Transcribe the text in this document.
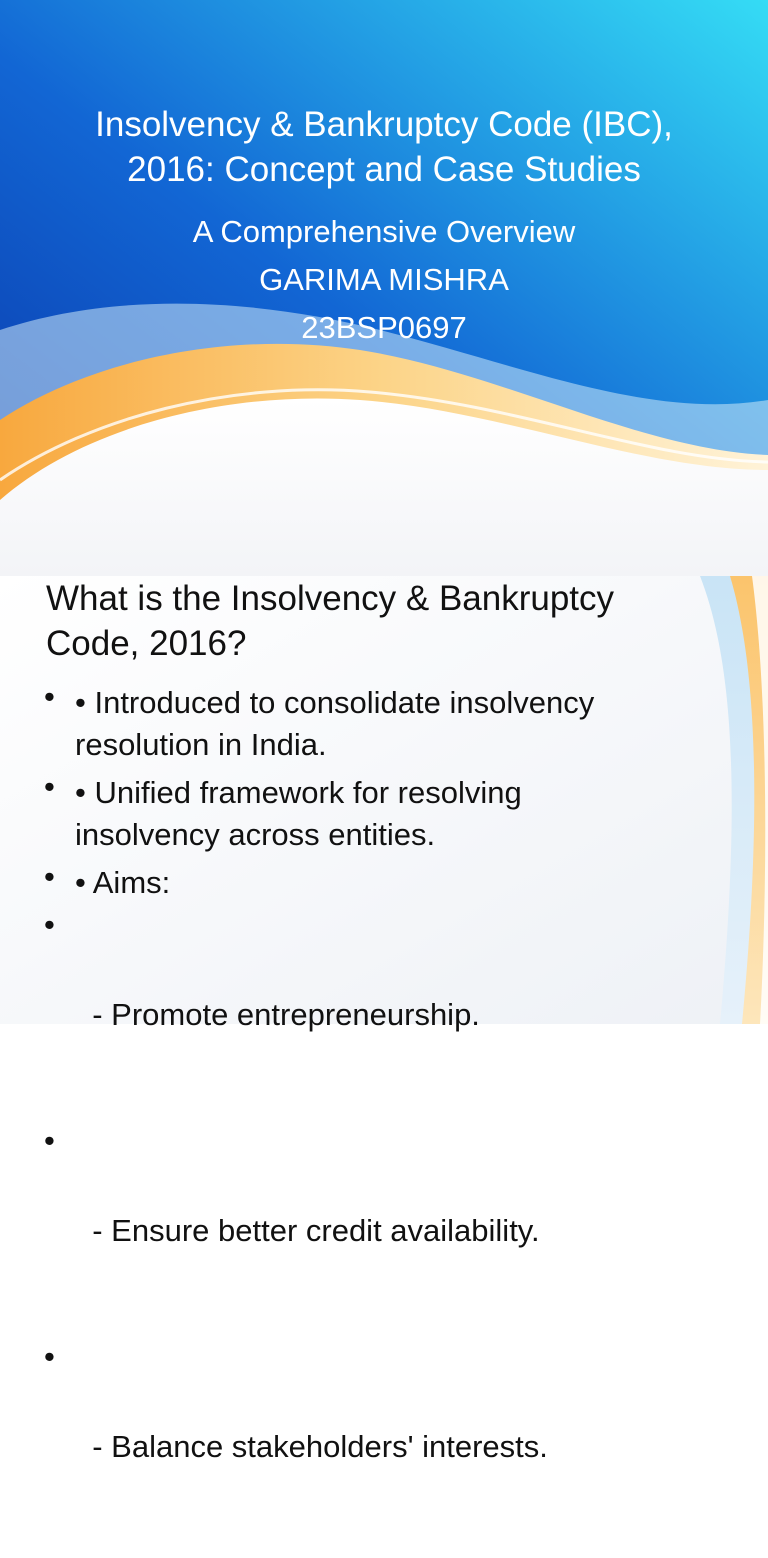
Insolvency & Bankruptcy Code (IBC),
2016: Concept and Case Studies
A Comprehensive Overview
GARIMA MISHRA
23BSP0697
What is the Insolvency & Bankruptcy
Code, 2016?
• • Introduced to consolidate insolvency
resolution in India.
• • Unified framework for resolving
insolvency across entities.
• • Aims:
•

- Promote entrepreneurship.

•

- Ensure better credit availability.

•

- Balance stakeholders' interests.
